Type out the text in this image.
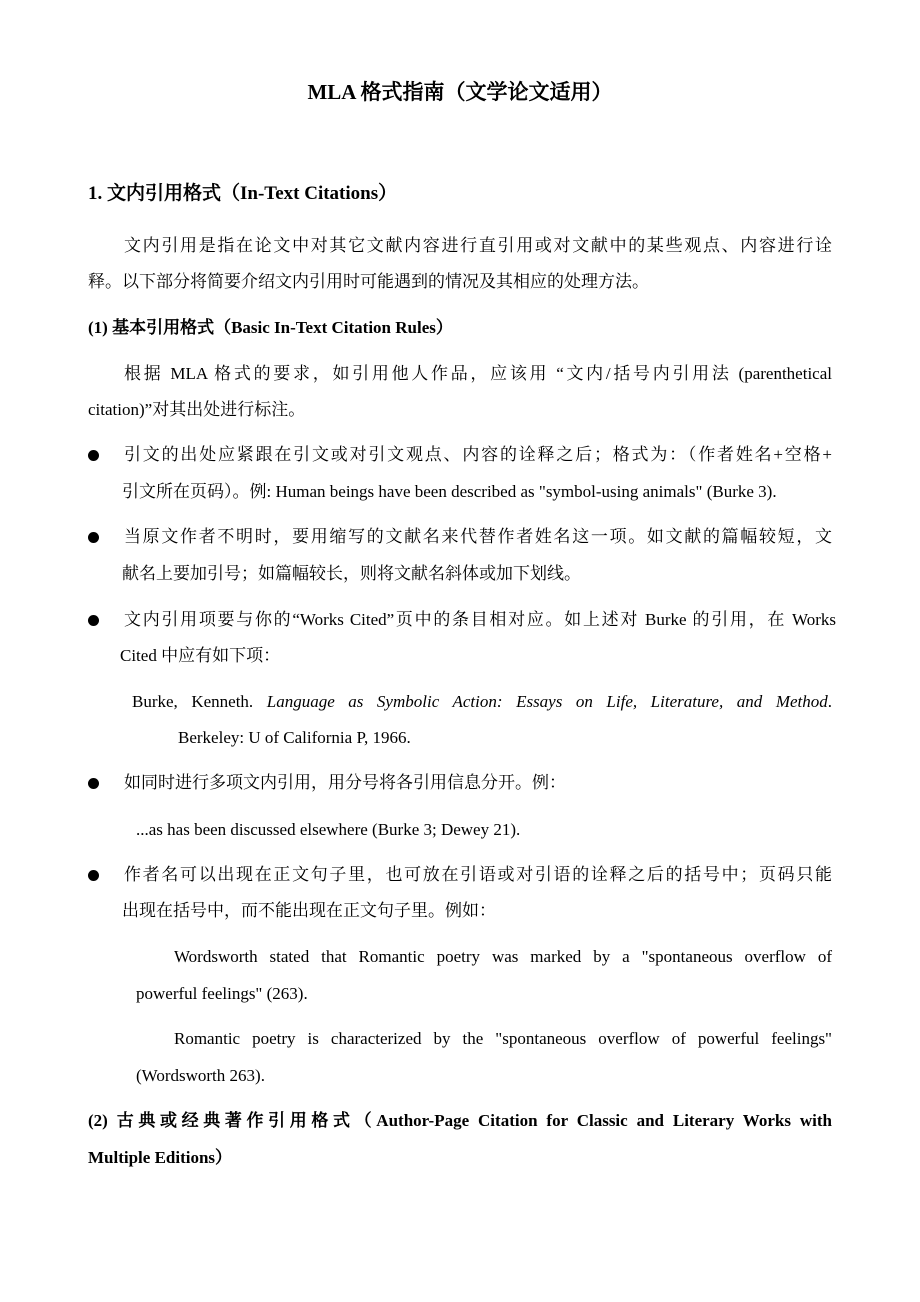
MLA 格式指南（文学论文适用）
1. 文内引用格式（In-Text Citations）
文内引用是指在论文中对其它文献内容进行直引用或对文献中的某些观点、内容进行诠
释。以下部分将简要介绍文内引用时可能遇到的情况及其相应的处理方法。
(1) 基本引用格式（Basic In-Text Citation Rules）
根据 MLA 格式的要求，如引用他人作品，应该用 “文内/括号内引用法 (parenthetical
citation)”对其出处进行标注。
引文的出处应紧跟在引文或对引文观点、内容的诠释之后；格式为：（作者姓名+空格+
引文所在页码）。例: Human beings have been described as "symbol-using animals" (Burke 3).
当原文作者不明时，要用缩写的文献名来代替作者姓名这一项。如文献的篇幅较短，文
献名上要加引号；如篇幅较长，则将文献名斜体或加下划线。
文内引用项要与你的“Works Cited”页中的条目相对应。如上述对 Burke 的引用，在 Works
Cited 中应有如下项：
Burke, Kenneth. Language as Symbolic Action: Essays on Life, Literature, and Method.
Berkeley: U of California P, 1966.
如同时进行多项文内引用，用分号将各引用信息分开。例：
...as has been discussed elsewhere (Burke 3; Dewey 21).
作者名可以出现在正文句子里，也可放在引语或对引语的诠释之后的括号中；页码只能
出现在括号中，而不能出现在正文句子里。例如：
Wordsworth stated that Romantic poetry was marked by a "spontaneous overflow of
powerful feelings" (263).
Romantic poetry is characterized by the "spontaneous overflow of powerful feelings"
(Wordsworth 263).
(2) 古典或经典著作引用格式（Author-Page Citation for Classic and Literary Works with
Multiple Editions）
